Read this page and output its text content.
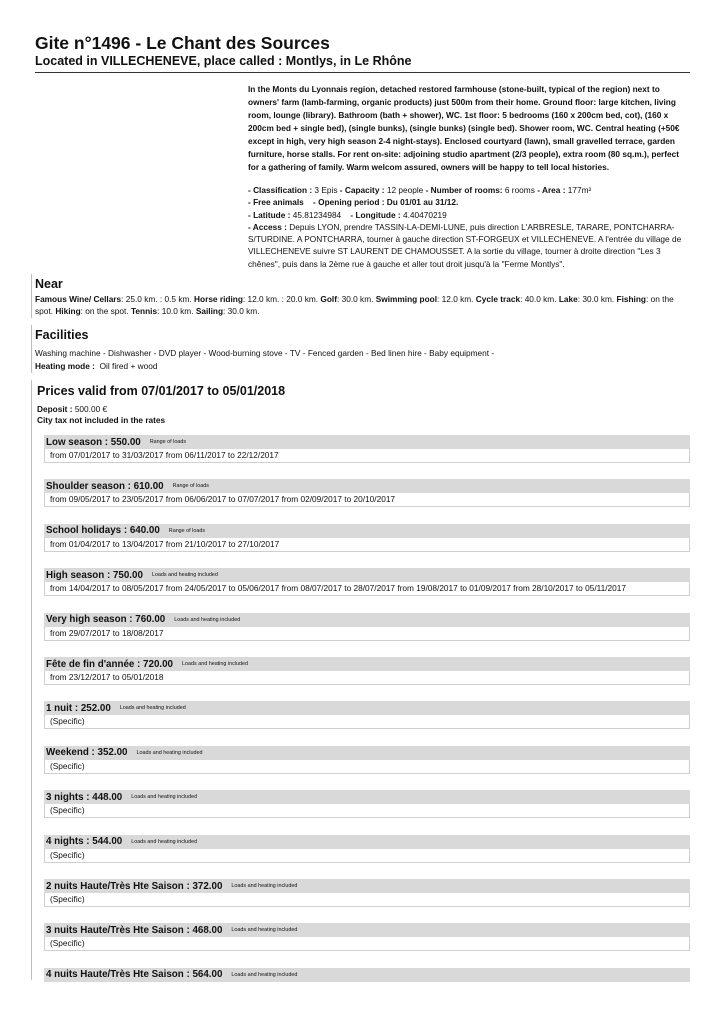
Gite n°1496 - Le Chant des Sources
Located in VILLECHENEVE, place called : Montlys, in Le Rhône

In the Monts du Lyonnais region, detached restored farmhouse (stone-built, typical of the region) next to
owners' farm (lamb-farming, organic products) just 500m from their home. Ground floor: large kitchen, living
room, lounge (library). Bathroom (bath + shower), WC. 1st floor: 5 bedrooms (160 x 200cm bed, cot), (160 x
200cm bed + single bed), (single bunks), (single bunks) (single bed). Shower room, WC. Central heating (+50€
except in high, very high season 2-4 night-stays). Enclosed courtyard (lawn), small gravelled terrace, garden
furniture, horse stalls. For rent on-site: adjoining studio apartment (2/3 people), extra room (80 sq.m.), perfect
for a gathering of family. Warm welcom assured, owners will be happy to tell local histories.

- Classification : 3 Epis - Capacity : 12 people - Number of rooms: 6 rooms - Area : 177m²
- Free animals - Opening period : Du 01/01 au 31/12.
- Latitude : 45.81234984 - Longitude : 4.40470219
- Access : Depuis LYON, prendre TASSIN-LA-DEMI-LUNE, puis direction L'ARBRESLE, TARARE, PONTCHARRA-S/TURDINE. A PONTCHARRA, tourner à gauche direction ST-FORGEUX et VILLECHENEVE. A l'entrée du village de VILLECHENEVE suivre ST LAURENT DE CHAMOUSSET. A la sortie du village, tourner à droite direction "Les 3 chênes", puis dans la 2ème rue à gauche et aller tout droit jusqu'à la "Ferme Montlys".
Near
Famous Wine/ Cellars: 25.0 km. : 0.5 km. Horse riding: 12.0 km. : 20.0 km. Golf: 30.0 km. Swimming pool: 12.0 km. Cycle track: 40.0 km. Lake: 30.0 km. Fishing: on the spot. Hiking: on the spot. Tennis: 10.0 km. Sailing: 30.0 km.
Facilities
Washing machine - Dishwasher - DVD player - Wood-burning stove - TV - Fenced garden - Bed linen hire - Baby equipment -
Heating mode : Oil fired + wood
Prices valid from 07/01/2017 to 05/01/2018
Deposit : 500.00 €
City tax not included in the rates
Low season : 550.00 Range of loads
from 07/01/2017 to 31/03/2017 from 06/11/2017 to 22/12/2017
Shoulder season : 610.00 Range of loads
from 09/05/2017 to 23/05/2017 from 06/06/2017 to 07/07/2017 from 02/09/2017 to 20/10/2017
School holidays : 640.00 Range of loads
from 01/04/2017 to 13/04/2017 from 21/10/2017 to 27/10/2017
High season : 750.00 Loads and heating included
from 14/04/2017 to 08/05/2017 from 24/05/2017 to 05/06/2017 from 08/07/2017 to 28/07/2017 from 19/08/2017 to 01/09/2017 from 28/10/2017 to 05/11/2017
Very high season : 760.00 Loads and heating included
from 29/07/2017 to 18/08/2017
Fête de fin d'année : 720.00 Loads and heating included
from 23/12/2017 to 05/01/2018
1 nuit : 252.00 Loads and heating included
(Specific)
Weekend : 352.00 Loads and heating included
(Specific)
3 nights : 448.00 Loads and heating included
(Specific)
4 nights : 544.00 Loads and heating included
(Specific)
2 nuits Haute/Très Hte Saison : 372.00 Loads and heating included
(Specific)
3 nuits Haute/Très Hte Saison : 468.00 Loads and heating included
(Specific)
4 nuits Haute/Très Hte Saison : 564.00 Loads and heating included
